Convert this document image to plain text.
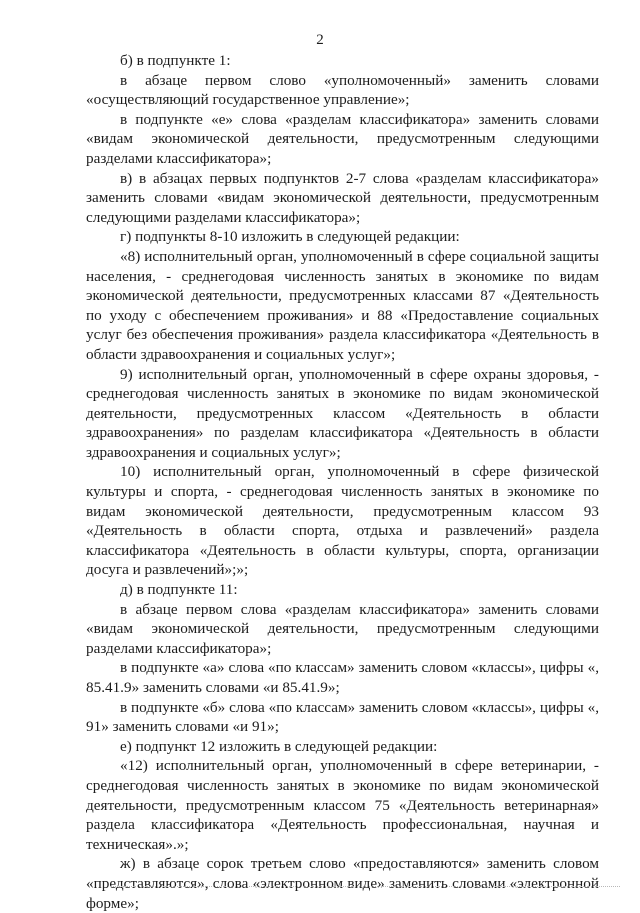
2

б) в подпункте 1:

в абзаце первом слово «уполномоченный» заменить словами «осуществляющий государственное управление»;

в подпункте «е» слова «разделам классификатора» заменить словами «видам экономической деятельности, предусмотренным следующими разделами классификатора»;

в) в абзацах первых подпунктов 2-7 слова «разделам классификатора» заменить словами «видам экономической деятельности, предусмотренным следующими разделами классификатора»;

г) подпункты 8-10 изложить в следующей редакции:

«8) исполнительный орган, уполномоченный в сфере социальной защиты населения, - среднегодовая численность занятых в экономике по видам экономической деятельности, предусмотренных классами 87 «Деятельность по уходу с обеспечением проживания» и 88 «Предоставление социальных услуг без обеспечения проживания» раздела классификатора «Деятельность в области здравоохранения и социальных услуг»;

9) исполнительный орган, уполномоченный в сфере охраны здоровья, - среднегодовая численность занятых в экономике по видам экономической деятельности, предусмотренных классом «Деятельность в области здравоохранения» по разделам классификатора «Деятельность в области здравоохранения и социальных услуг»;

10) исполнительный орган, уполномоченный в сфере физической культуры и спорта, - среднегодовая численность занятых в экономике по видам экономической деятельности, предусмотренным классом 93 «Деятельность в области спорта, отдыха и развлечений» раздела классификатора «Деятельность в области культуры, спорта, организации досуга и развлечений»;»;

д) в подпункте 11:

в абзаце первом слова «разделам классификатора» заменить словами «видам экономической деятельности, предусмотренным следующими разделами классификатора»;

в подпункте «а» слова «по классам» заменить словом «классы», цифры «, 85.41.9» заменить словами «и 85.41.9»;

в подпункте «б» слова «по классам» заменить словом «классы», цифры «, 91» заменить словами «и 91»;

е) подпункт 12 изложить в следующей редакции:

«12) исполнительный орган, уполномоченный в сфере ветеринарии, - среднегодовая численность занятых в экономике по видам экономической деятельности, предусмотренным классом 75 «Деятельность ветеринарная» раздела классификатора «Деятельность профессиональная, научная и техническая».»;

ж) в абзаце сорок третьем слово «предоставляются» заменить словом «представляются», слова «электронном виде» заменить словами «электронной форме»;
